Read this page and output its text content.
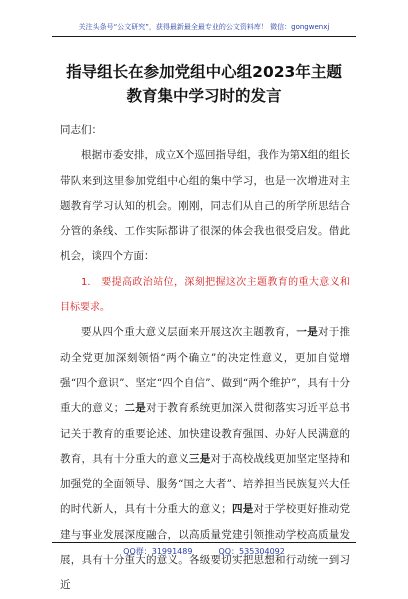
关注头条号“公文研究”，获得最新最全最专业的公文资料库！ 微信：gongwenxj
指导组长在参加党组中心组2023年主题
教育集中学习时的发言

同志们：

根据市委安排，成立X个巡回指导组，我作为第X组的组长带队来到这里参加党组中心组的集中学习，也是一次增进对主题教育学习认知的机会。刚刚，同志们从自己的所学所思结合分管的条线、工作实际都讲了很深的体会我也很受启发。借此机会，谈四个方面：

1.　要提高政治站位，深刻把握这次主题教育的重大意义和目标要求。

要从四个重大意义层面来开展这次主题教育，一是对于推动全党更加深刻领悟“两个确立”的决定性意义，更加自觉增强“四个意识”、坚定“四个自信”、做到“两个维护”，具有十分重大的意义；二是对于教育系统更加深入贯彻落实习近平总书记关于教育的重要论述、加快建设教育强国、办好人民满意的教育，具有十分重大的意义三是对于高校战线更加坚定坚持和加强党的全面领导、服务“国之大者”、培养担当民族复兴大任的时代新人，具有十分重大的意义；四是对于学校更好推动党建与事业发展深度融合，以高质量党建引领推动学校高质量发展，具有十分重大的意义。各级要切实把思想和行动统一到习近

QQ群：31991489	QQ：535304092
